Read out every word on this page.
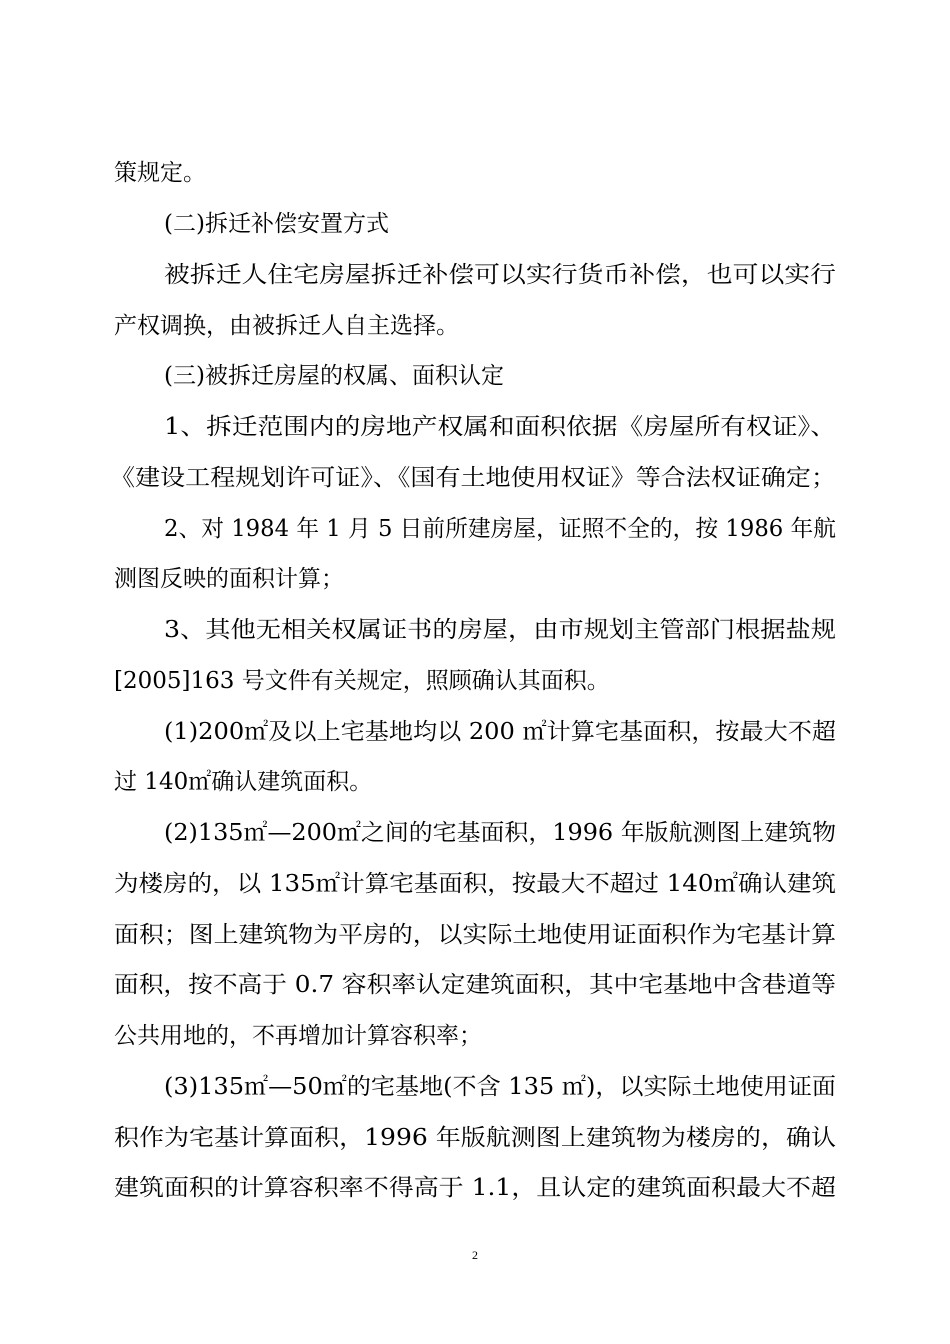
策规定。
(二)拆迁补偿安置方式
被拆迁人住宅房屋拆迁补偿可以实行货币补偿，也可以实行
产权调换，由被拆迁人自主选择。
(三)被拆迁房屋的权属、面积认定
1、拆迁范围内的房地产权属和面积依据《房屋所有权证》、
《建设工程规划许可证》、《国有土地使用权证》等合法权证确定；
2、对 1984 年 1 月 5 日前所建房屋，证照不全的，按 1986 年航
测图反映的面积计算；
3、其他无相关权属证书的房屋，由市规划主管部门根据盐规
[2005]163 号文件有关规定，照顾确认其面积。
(1)200㎡及以上宅基地均以 200 ㎡计算宅基面积，按最大不超
过 140㎡确认建筑面积。
(2)135㎡—200㎡之间的宅基面积，1996 年版航测图上建筑物
为楼房的，以 135㎡计算宅基面积，按最大不超过 140㎡确认建筑
面积；图上建筑物为平房的，以实际土地使用证面积作为宅基计算
面积，按不高于 0.7 容积率认定建筑面积，其中宅基地中含巷道等
公共用地的，不再增加计算容积率；
(3)135㎡—50㎡的宅基地(不含 135 ㎡)，以实际土地使用证面
积作为宅基计算面积，1996 年版航测图上建筑物为楼房的，确认
建筑面积的计算容积率不得高于 1.1，且认定的建筑面积最大不超
2
